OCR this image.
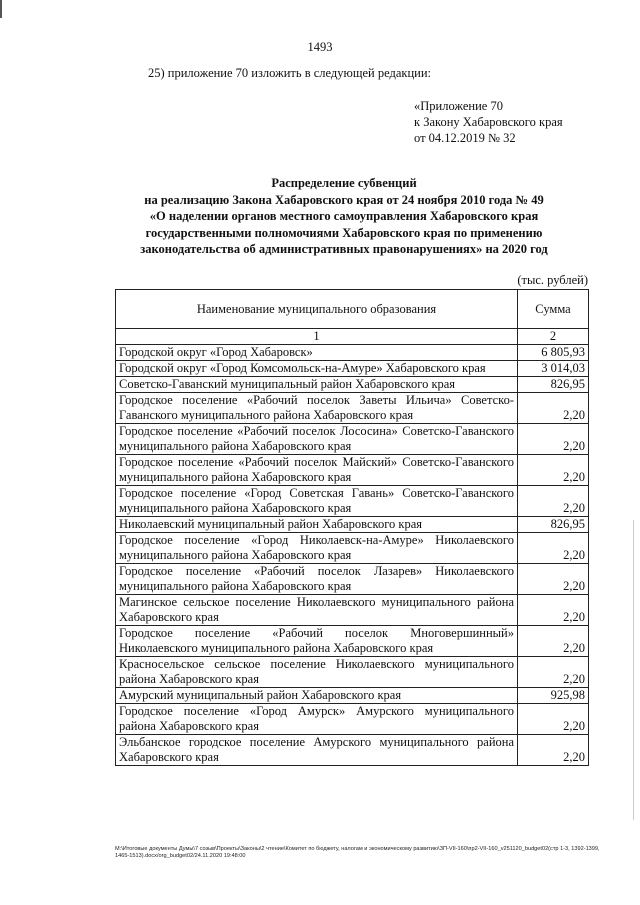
1493
25) приложение 70 изложить в следующей редакции:
«Приложение 70
к Закону Хабаровского края
от 04.12.2019 № 32
Распределение субвенций
на реализацию Закона Хабаровского края от 24 ноября 2010 года № 49
«О наделении органов местного самоуправления Хабаровского края
государственными полномочиями Хабаровского края по применению
законодательства об административных правонарушениях» на 2020 год
(тыс. рублей)
Наименование муниципального образования	Сумма
1	2
Городской округ «Город Хабаровск»	6 805,93
Городской округ «Город Комсомольск-на-Амуре» Хабаровского края	3 014,03
Советско-Гаванский муниципальный район Хабаровского края	826,95
Городское поселение «Рабочий поселок Заветы Ильича» Советско-Гаванского муниципального района Хабаровского края	2,20
Городское поселение «Рабочий поселок Лососина» Советско-Гаванского муниципального района Хабаровского края	2,20
Городское поселение «Рабочий поселок Майский» Советско-Гаванского муниципального района Хабаровского края	2,20
Городское поселение «Город Советская Гавань» Советско-Гаванского муниципального района Хабаровского края	2,20
Николаевский муниципальный район Хабаровского края	826,95
Городское поселение «Город Николаевск-на-Амуре» Николаевского муниципального района Хабаровского края	2,20
Городское поселение «Рабочий поселок Лазарев» Николаевского муниципального района Хабаровского края	2,20
Магинское сельское поселение Николаевского муниципального района Хабаровского края	2,20
Городское поселение «Рабочий поселок Многовершинный» Николаевского муниципального района Хабаровского края	2,20
Красносельское сельское поселение Николаевского муниципального района Хабаровского края	2,20
Амурский муниципальный район Хабаровского края	925,98
Городское поселение «Город Амурск» Амурского муниципального района Хабаровского края	2,20
Эльбанское городское поселение Амурского муниципального района Хабаровского края	2,20
M:\Итоговые документы Думы\7 созыв\Проекты\Законы\2 чтение\Комитет по бюджету, налогам и экономическому развитию\ЗП-VII-160\пр2-VII-160_v251120_budget02(стр 1-3, 1392-1399, 1465-1513).docx/org_budget02/24.11.2020 19:48:00
